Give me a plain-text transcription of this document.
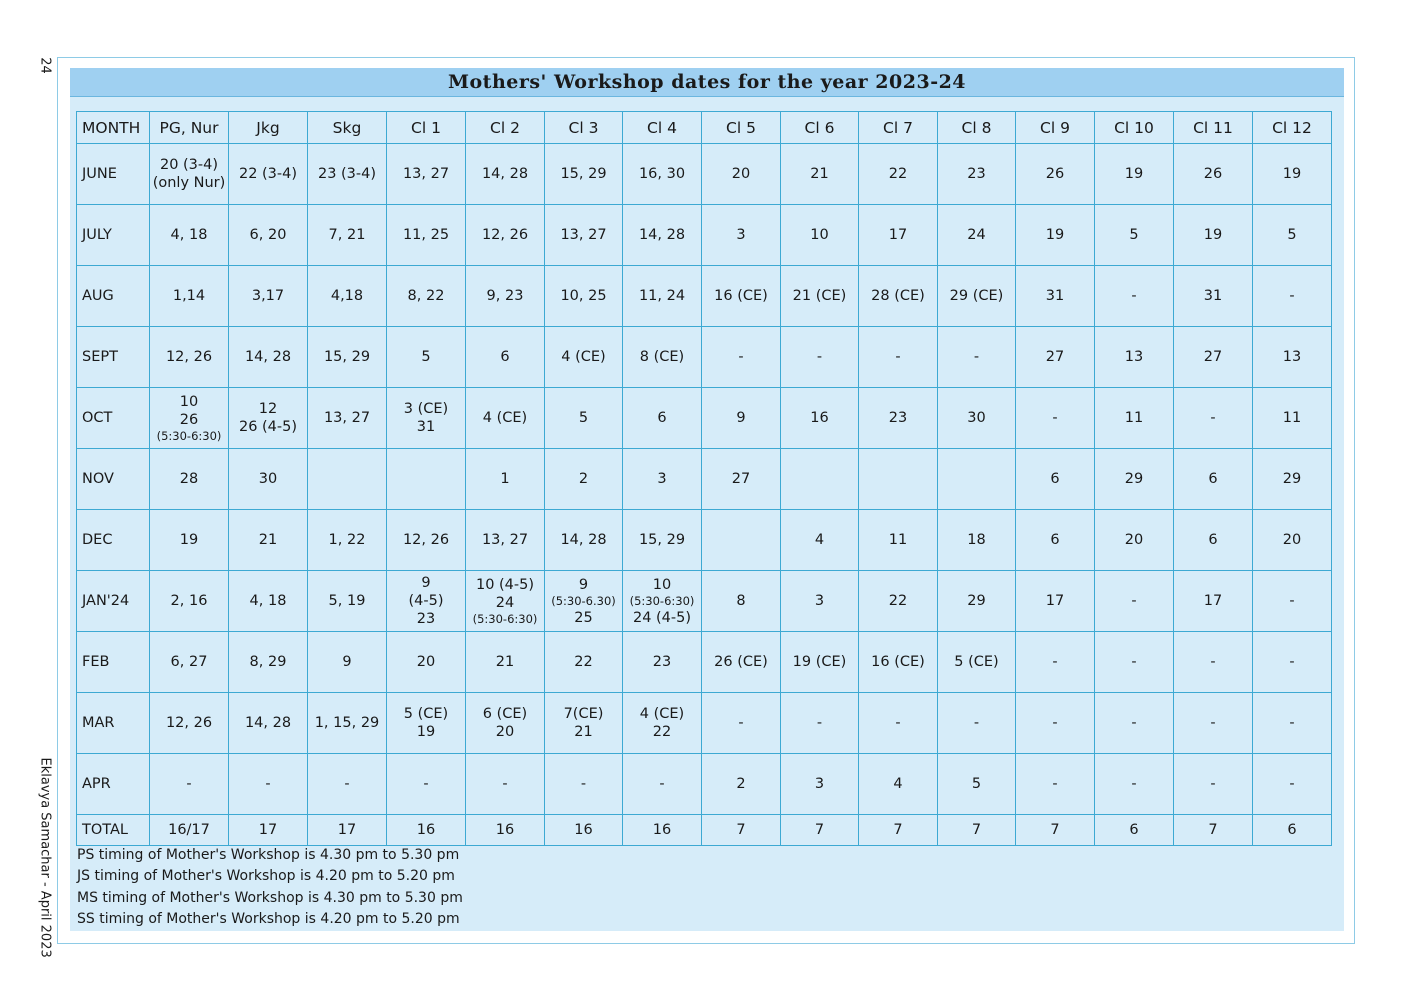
24
Eklavya Samachar - April 2023
Mothers' Workshop dates for the year 2023-24
MONTH	PG, Nur	Jkg	Skg	Cl 1	Cl 2	Cl 3	Cl 4	Cl 5	Cl 6	Cl 7	Cl 8	Cl 9	Cl 10	Cl 11	Cl 12
JUNE	20 (3-4)
(only Nur)	22 (3-4)	23 (3-4)	13, 27	14, 28	15, 29	16, 30	20	21	22	23	26	19	26	19

JULY	4, 18	6, 20	7, 21	11, 25	12, 26	13, 27	14, 28	3	10	17	24	19	5	19	5

AUG	1,14	3,17	4,18	8, 22	9, 23	10, 25	11, 24	16 (CE)	21 (CE)	28 (CE)	29 (CE)	31	-	31	-

SEPT	12, 26	14, 28	15, 29	5	6	4 (CE)	8 (CE)	-	-	-	-	27	13	27	13

OCT	10
26
(5:30-6:30)	12
26 (4-5)	13, 27	3 (CE)
31	4 (CE)	5	6	9	16	23	30	-	11	-	11

NOV	28	30			1	2	3	27				6	29	6	29

DEC	19	21	1, 22	12, 26	13, 27	14, 28	15, 29		4	11	18	6	20	6	20

JAN'24	2, 16	4, 18	5, 19	9
(4-5)
23	10 (4-5)
24
(5:30-6:30)	9
(5:30-6.30)
25	10
(5:30-6:30)
24 (4-5)	8	3	22	29	17	-	17	-

FEB	6, 27	8, 29	9	20	21	22	23	26 (CE)	19 (CE)	16 (CE)	5 (CE)	-	-	-	-

MAR	12, 26	14, 28	1, 15, 29	5 (CE)
19	6 (CE)
20	7(CE)
21	4 (CE)
22	-	-	-	-	-	-	-	-

APR	-	-	-	-	-	-	-	2	3	4	5	-	-	-	-

TOTAL	16/17	17	17	16	16	16	16	7	7	7	7	7	6	7	6
PS timing of Mother's Workshop is 4.30 pm to 5.30 pm
JS timing of Mother's Workshop is 4.20 pm to 5.20 pm
MS timing of Mother's Workshop is 4.30 pm to 5.30 pm
SS timing of Mother's Workshop is 4.20 pm to 5.20 pm
